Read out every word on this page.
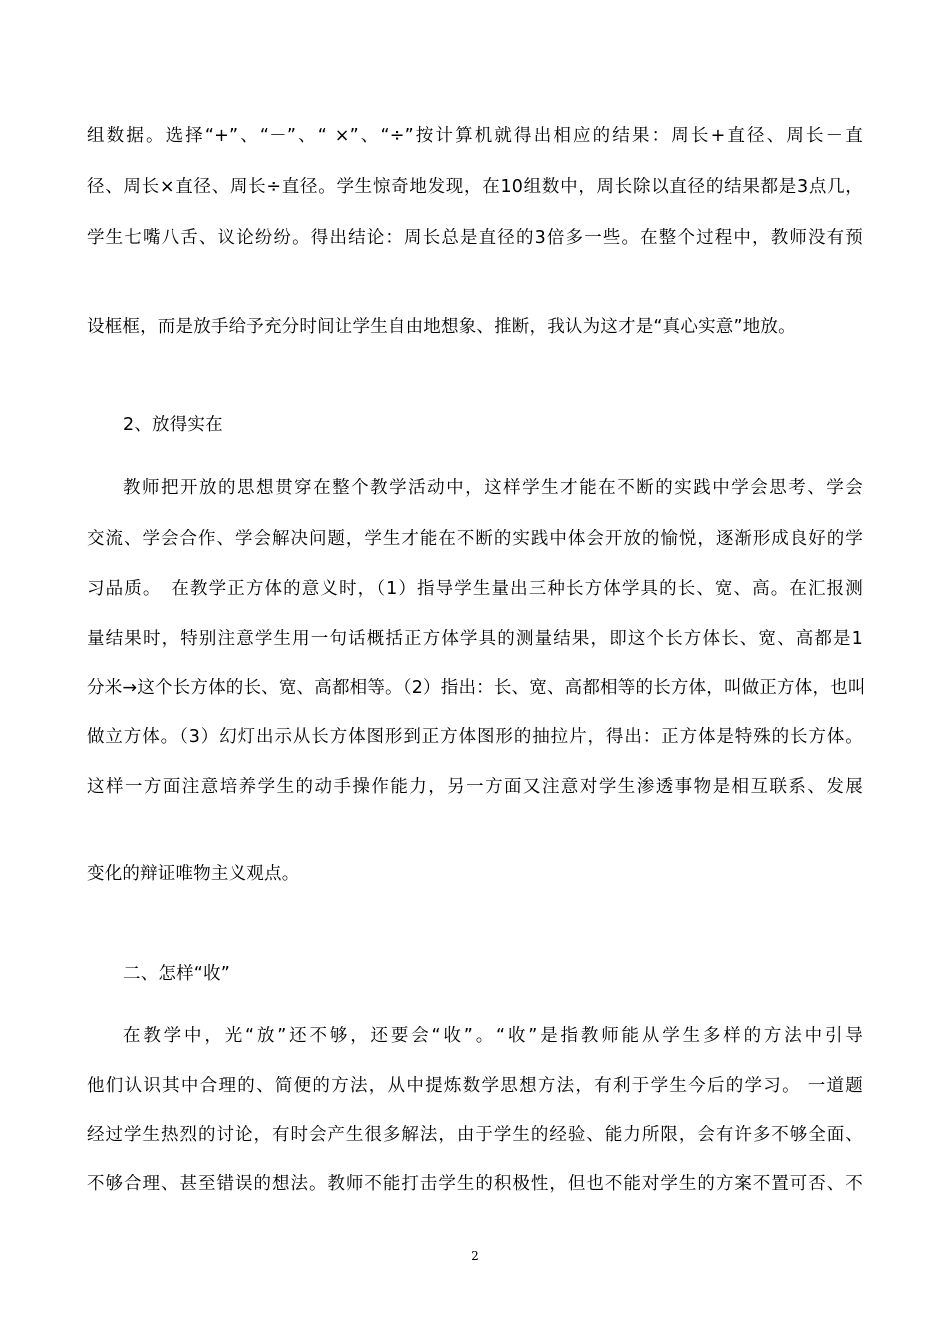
组数据。选择“+”、“－”、“ ×”、“÷”按计算机就得出相应的结果：周长+直径、周长－直
径、周长×直径、周长÷直径。学生惊奇地发现，在10组数中，周长除以直径的结果都是3点几，
学生七嘴八舌、议论纷纷。得出结论：周长总是直径的3倍多一些。在整个过程中，教师没有预
设框框，而是放手给予充分时间让学生自由地想象、推断，我认为这才是“真心实意”地放。
2、放得实在
教师把开放的思想贯穿在整个教学活动中，这样学生才能在不断的实践中学会思考、学会
交流、学会合作、学会解决问题，学生才能在不断的实践中体会开放的愉悦，逐渐形成良好的学
习品质。　在教学正方体的意义时，（1）指导学生量出三种长方体学具的长、宽、高。在汇报测
量结果时，特别注意学生用一句话概括正方体学具的测量结果，即这个长方体长、宽、高都是1
分米→这个长方体的长、宽、高都相等。（2）指出：长、宽、高都相等的长方体，叫做正方体，也叫
做立方体。（3）幻灯出示从长方体图形到正方体图形的抽拉片，得出：正方体是特殊的长方体。
这样一方面注意培养学生的动手操作能力，另一方面又注意对学生渗透事物是相互联系、发展
变化的辩证唯物主义观点。
二、怎样“收”
在教学中，光“放”还不够，还要会“收”。“收”是指教师能从学生多样的方法中引导
他们认识其中合理的、简便的方法，从中提炼数学思想方法，有利于学生今后的学习。 一道题
经过学生热烈的讨论，有时会产生很多解法，由于学生的经验、能力所限，会有许多不够全面、
不够合理、甚至错误的想法。教师不能打击学生的积极性，但也不能对学生的方案不置可否、不
2
